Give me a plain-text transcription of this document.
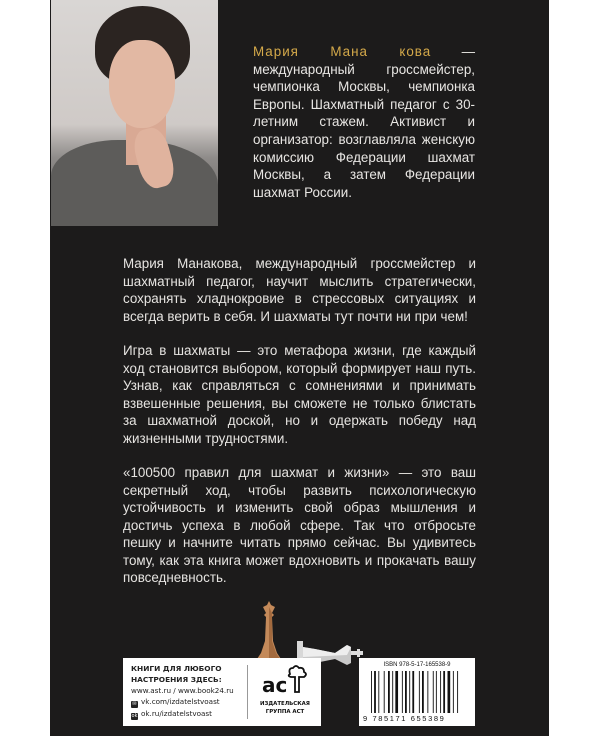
Мария Мана кова — международный гроссмейстер, чемпионка Москвы, чемпионка Европы. Шахматный педагог с 30-летним стажем. Активист и организатор: возглавляла женскую комиссию Федерации шахмат Москвы, а затем Федерации шахмат России.

Мария Манакова, международный гроссмейстер и шахматный педагог, научит мыслить стратегически, сохранять хладнокровие в стрессовых ситуациях и всегда верить в себя. И шахматы тут почти ни при чем!

Игра в шахматы — это метафора жизни, где каждый ход становится выбором, который формирует наш путь. Узнав, как справляться с сомнениями и принимать взвешенные решения, вы сможете не только блистать за шахматной доской, но и одержать победу над жизненными трудностями.

«100500 правил для шахмат и жизни» — это ваш секретный ход, чтобы развить психологическую устойчивость и изменить свой образ мышления и достичь успеха в любой сфере. Так что отбросьте пешку и начните читать прямо сейчас. Вы удивитесь тому, как эта книга может вдохновить и прокачать вашу повседневность.

КНИГИ ДЛЯ ЛЮБОГО
НАСТРОЕНИЯ ЗДЕСЬ:
www.ast.ru / www.book24.ru
✉ vk.com/izdatelstvoast
ok ok.ru/izdatelstvoast
ac
ИЗДАТЕЛЬСКАЯ
ГРУППА АСТ
ISBN 978-5-17-165538-9
9 785171 655389
